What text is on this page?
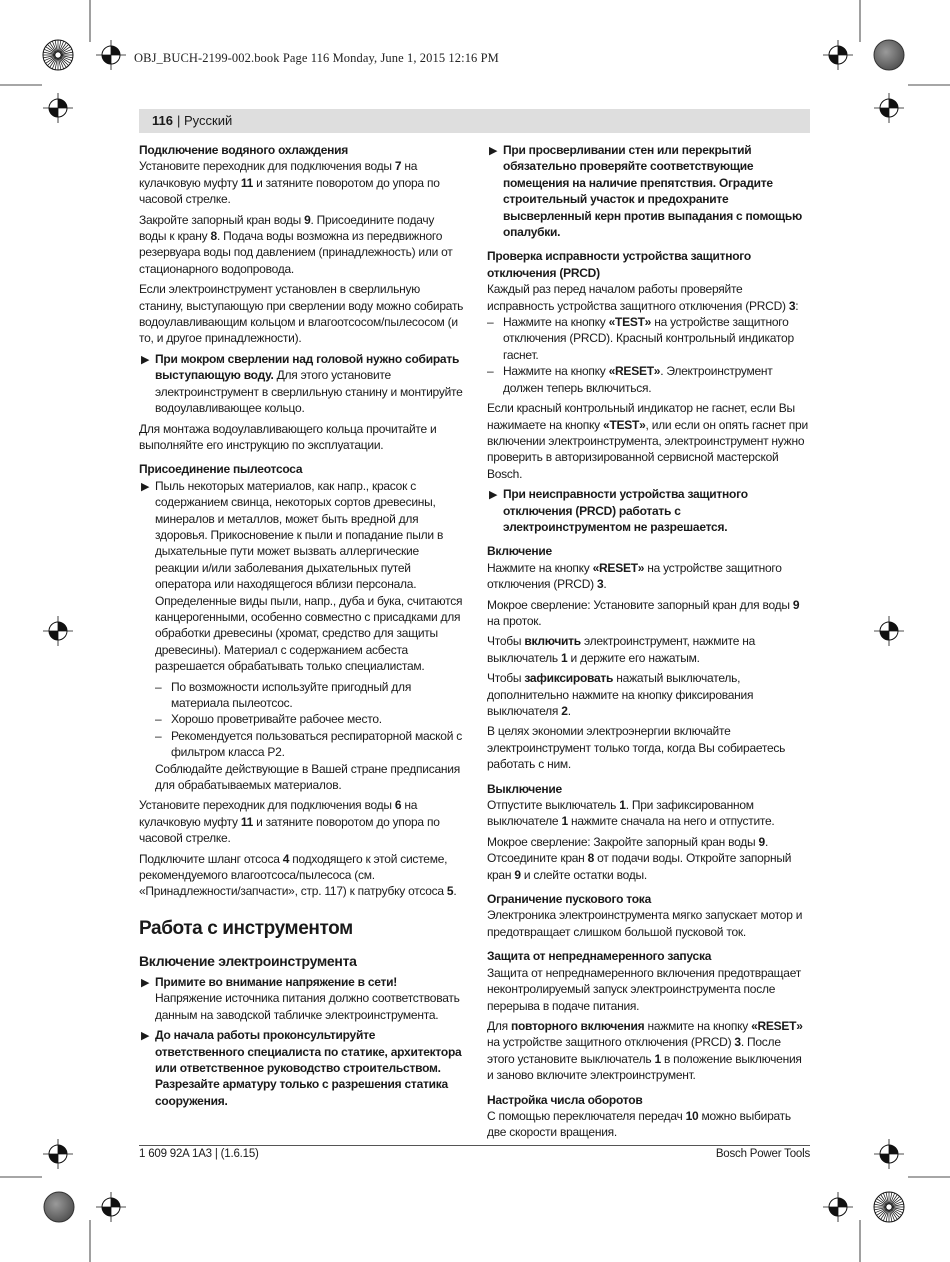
OBJ_BUCH-2199-002.book Page 116 Monday, June 1, 2015 12:16 PM
116 | Русский
Подключение водяного охлаждения

Установите переходник для подключения воды 7 на кулачковую муфту 11 и затяните поворотом до упора по часовой стрелке.

Закройте запорный кран воды 9. Присоедините подачу воды к крану 8. Подача воды возможна из передвижного резервуара воды под давлением (принадлежность) или от стационарного водопровода.

Если электроинструмент установлен в сверлильную станину, выступающую при сверлении воду можно собирать водоулавливающим кольцом и влагоотсосом/пылесосом (и то, и другое принадлежности).

▶ При мокром сверлении над головой нужно собирать выступающую воду. Для этого установите электроинструмент в сверлильную станину и монтируйте водоулавливающее кольцо.

Для монтажа водоулавливающего кольца прочитайте и выполняйте его инструкцию по эксплуатации.

Присоединение пылеотсоса
▶ Пыль некоторых материалов, как напр., красок с содержанием свинца, некоторых сортов древесины, минералов и металлов, может быть вредной для здоровья. Прикосновение к пыли и попадание пыли в дыхательные пути может вызвать аллергические реакции и/или заболевания дыхательных путей оператора или находящегося вблизи персонала.
Определенные виды пыли, напр., дуба и бука, считаются канцерогенными, особенно совместно с присадками для обработки древесины (хромат, средство для защиты древесины). Материал с содержанием асбеста разрешается обрабатывать только специалистам.
– По возможности используйте пригодный для материала пылеотсос.
– Хорошо проветривайте рабочее место.
– Рекомендуется пользоваться респираторной маской с фильтром класса Р2.

Соблюдайте действующие в Вашей стране предписания для обрабатываемых материалов.

Установите переходник для подключения воды 6 на кулачковую муфту 11 и затяните поворотом до упора по часовой стрелке.

Подключите шланг отсоса 4 подходящего к этой системе, рекомендуемого влагоотсоса/пылесоса (см. «Принадлежности/запчасти», стр. 117) к патрубку отсоса 5.

Работа с инструментом
Включение электроинструмента
▶ Примите во внимание напряжение в сети! Напряжение источника питания должно соответствовать данным на заводской табличке электроинструмента.
▶ До начала работы проконсультируйте ответственного специалиста по статике, архитектора или ответственное руководство строительством. Разрезайте арматуру только с разрешения статика сооружения.
▶ При просверливании стен или перекрытий обязательно проверяйте соответствующие помещения на наличие препятствия. Оградите строительный участок и предохраните высверленный керн против выпадания с помощью опалубки.
Проверка исправности устройства защитного отключения (PRCD)

Каждый раз перед началом работы проверяйте исправность устройства защитного отключения (PRCD) 3:

– Нажмите на кнопку «TEST» на устройстве защитного отключения (PRCD). Красный контрольный индикатор гаснет.
– Нажмите на кнопку «RESET». Электроинструмент должен теперь включиться.

Если красный контрольный индикатор не гаснет, если Вы нажимаете на кнопку «TEST», или если он опять гаснет при включении электроинструмента, электроинструмент нужно проверить в авторизированной сервисной мастерской Bosch.

▶ При неисправности устройства защитного отключения (PRCD) работать с электроинструментом не разрешается.
Включение

Нажмите на кнопку «RESET» на устройстве защитного отключения (PRCD) 3.

Мокрое сверление: Установите запорный кран для воды 9 на проток.

Чтобы включить электроинструмент, нажмите на выключатель 1 и держите его нажатым.

Чтобы зафиксировать нажатый выключатель, дополнительно нажмите на кнопку фиксирования выключателя 2.

В целях экономии электроэнергии включайте электроинструмент только тогда, когда Вы собираетесь работать с ним.

Выключение

Отпустите выключатель 1. При зафиксированном выключателе 1 нажмите сначала на него и отпустите.

Мокрое сверление: Закройте запорный кран воды 9. Отсоедините кран 8 от подачи воды. Откройте запорный кран 9 и слейте остатки воды.

Ограничение пускового тока

Электроника электроинструмента мягко запускает мотор и предотвращает слишком большой пусковой ток.

Защита от непреднамеренного запуска

Защита от непреднамеренного включения предотвращает неконтролируемый запуск электроинструмента после перерыва в подаче питания.

Для повторного включения нажмите на кнопку «RESET» на устройстве защитного отключения (PRCD) 3. После этого установите выключатель 1 в положение выключения и заново включите электроинструмент.

Настройка числа оборотов

С помощью переключателя передач 10 можно выбирать две скорости вращения.

1 609 92A 1A3 | (1.6.15)	Bosch Power Tools
